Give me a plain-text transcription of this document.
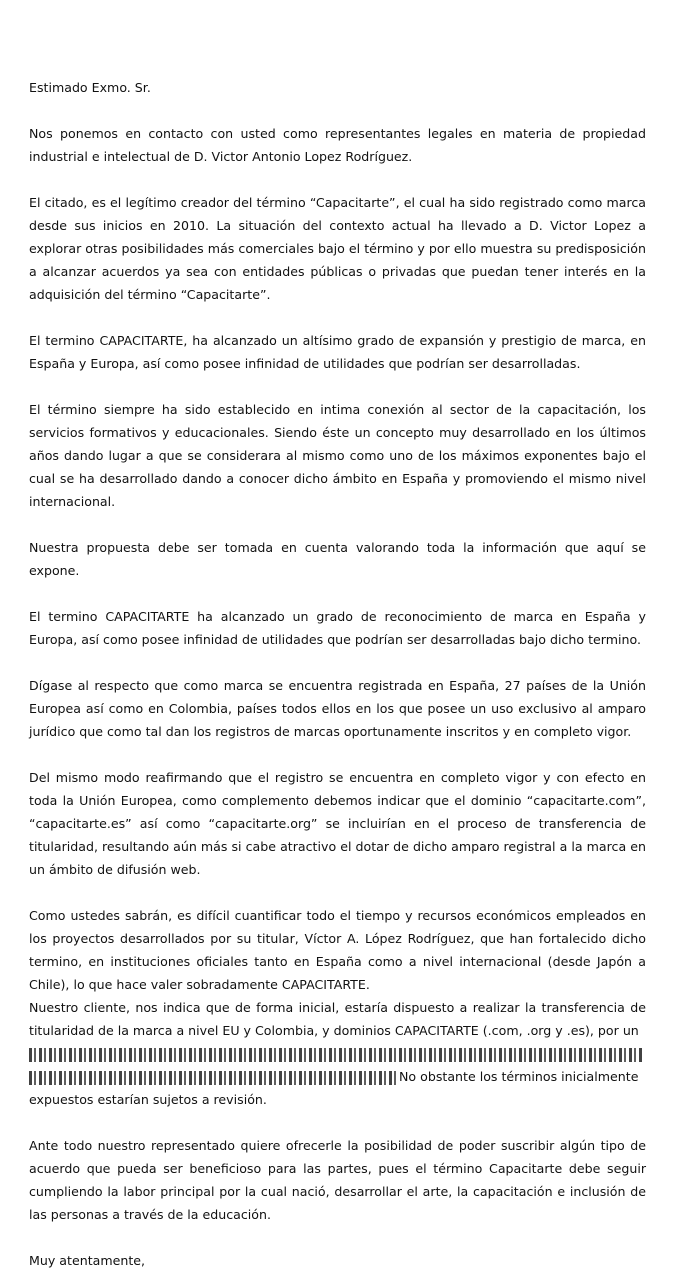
Estimado Exmo. Sr.

Nos ponemos en contacto con usted como representantes legales en materia de propiedad industrial e intelectual de D. Victor Antonio Lopez Rodríguez.

El citado, es el legítimo creador del término “Capacitarte”, el cual ha sido registrado como marca desde sus inicios en 2010. La situación del contexto actual ha llevado a D. Victor Lopez a explorar otras posibilidades más comerciales bajo el término y por ello muestra su predisposición a alcanzar acuerdos ya sea con entidades públicas o privadas que puedan tener interés en la adquisición del término “Capacitarte”.

El termino CAPACITARTE, ha alcanzado un altísimo grado de expansión y prestigio de marca, en España y Europa, así como posee infinidad de utilidades que podrían ser desarrolladas.

El término siempre ha sido establecido en intima conexión al sector de la capacitación, los servicios formativos y educacionales. Siendo éste un concepto muy desarrollado en los últimos años dando lugar a que se considerara al mismo como uno de los máximos exponentes bajo el cual se ha desarrollado dando a conocer dicho ámbito en España y promoviendo el mismo nivel internacional.

Nuestra propuesta debe ser tomada en cuenta valorando toda la información que aquí se expone.

El termino CAPACITARTE ha alcanzado un grado de reconocimiento de marca en España y Europa, así como posee infinidad de utilidades que podrían ser desarrolladas bajo dicho termino.

Dígase al respecto que como marca se encuentra registrada en España, 27 países de la Unión Europea así como en Colombia, países todos ellos en los que posee un uso exclusivo al amparo jurídico que como tal dan los registros de marcas oportunamente inscritos y en completo vigor.

Del mismo modo reafirmando que el registro se encuentra en completo vigor y con efecto en toda la Unión Europea, como complemento debemos indicar que el dominio “capacitarte.com”, “capacitarte.es” así como “capacitarte.org” se incluirían en el proceso de transferencia de titularidad, resultando aún más si cabe atractivo el dotar de dicho amparo registral a la marca en un ámbito de difusión web.

Como ustedes sabrán, es difícil cuantificar todo el tiempo y recursos económicos empleados en los proyectos desarrollados por su titular, Víctor A. López Rodríguez, que han fortalecido dicho termino, en instituciones oficiales tanto en España como a nivel internacional (desde Japón a Chile), lo que hace valer sobradamente CAPACITARTE.

Nuestro cliente, nos indica que de forma inicial, estaría dispuesto a realizar la transferencia de titularidad de la marca a nivel EU y Colombia, y dominios CAPACITARTE (.com, .org y .es), por un

No obstante los términos inicialmente

expuestos estarían sujetos a revisión.

Ante todo nuestro representado quiere ofrecerle la posibilidad de poder suscribir algún tipo de acuerdo que pueda ser beneficioso para las partes, pues el término Capacitarte debe seguir cumpliendo la labor principal por la cual nació, desarrollar el arte, la capacitación e inclusión de las personas a través de la educación.

Muy atentamente,
